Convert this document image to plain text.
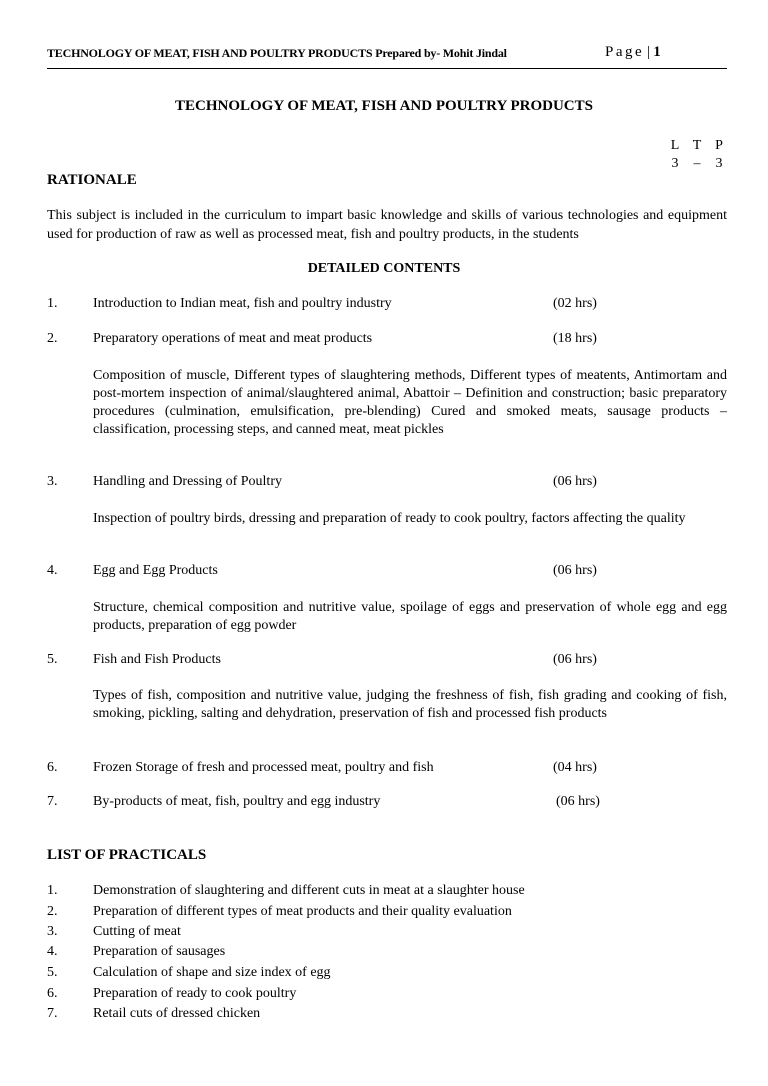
TECHNOLOGY OF MEAT, FISH AND POULTRY PRODUCTS Prepared by- Mohit Jindal	Page | 1
TECHNOLOGY OF MEAT, FISH AND POULTRY PRODUCTS
L T P
3 – 3
RATIONALE
This subject is included in the curriculum to impart basic knowledge and skills of various technologies and equipment used for production of raw as well as processed meat, fish and poultry products, in the students
DETAILED CONTENTS
1.	Introduction to Indian meat, fish and poultry industry	(02 hrs)
2.	Preparatory operations of meat and meat products	(18 hrs)
Composition of muscle, Different types of slaughtering methods, Different types of meatents, Antimortam and post-mortem inspection of animal/slaughtered animal, Abattoir – Definition and construction; basic preparatory procedures (culmination, emulsification, pre-blending) Cured and smoked meats, sausage products – classification, processing steps, and canned meat, meat pickles
3.	Handling and Dressing of Poultry	(06 hrs)
Inspection of poultry birds, dressing and preparation of ready to cook poultry, factors affecting the quality
4.	Egg and Egg Products	(06 hrs)
Structure, chemical composition and nutritive value, spoilage of eggs and preservation of whole egg and egg products, preparation of egg powder
5.	Fish and Fish Products	(06 hrs)
Types of fish, composition and nutritive value, judging the freshness of fish, fish grading and cooking of fish, smoking, pickling, salting and dehydration, preservation of fish and processed fish products
6.	Frozen Storage of fresh and processed meat, poultry and fish	(04 hrs)
7.	By-products of meat, fish, poultry and egg industry	(06 hrs)
LIST OF PRACTICALS
1.	Demonstration of slaughtering and different cuts in meat at a slaughter house
2.	Preparation of different types of meat products and their quality evaluation
3.	Cutting of meat
4.	Preparation of sausages
5.	Calculation of shape and size index of egg
6.	Preparation of ready to cook poultry
7.	Retail cuts of dressed chicken
